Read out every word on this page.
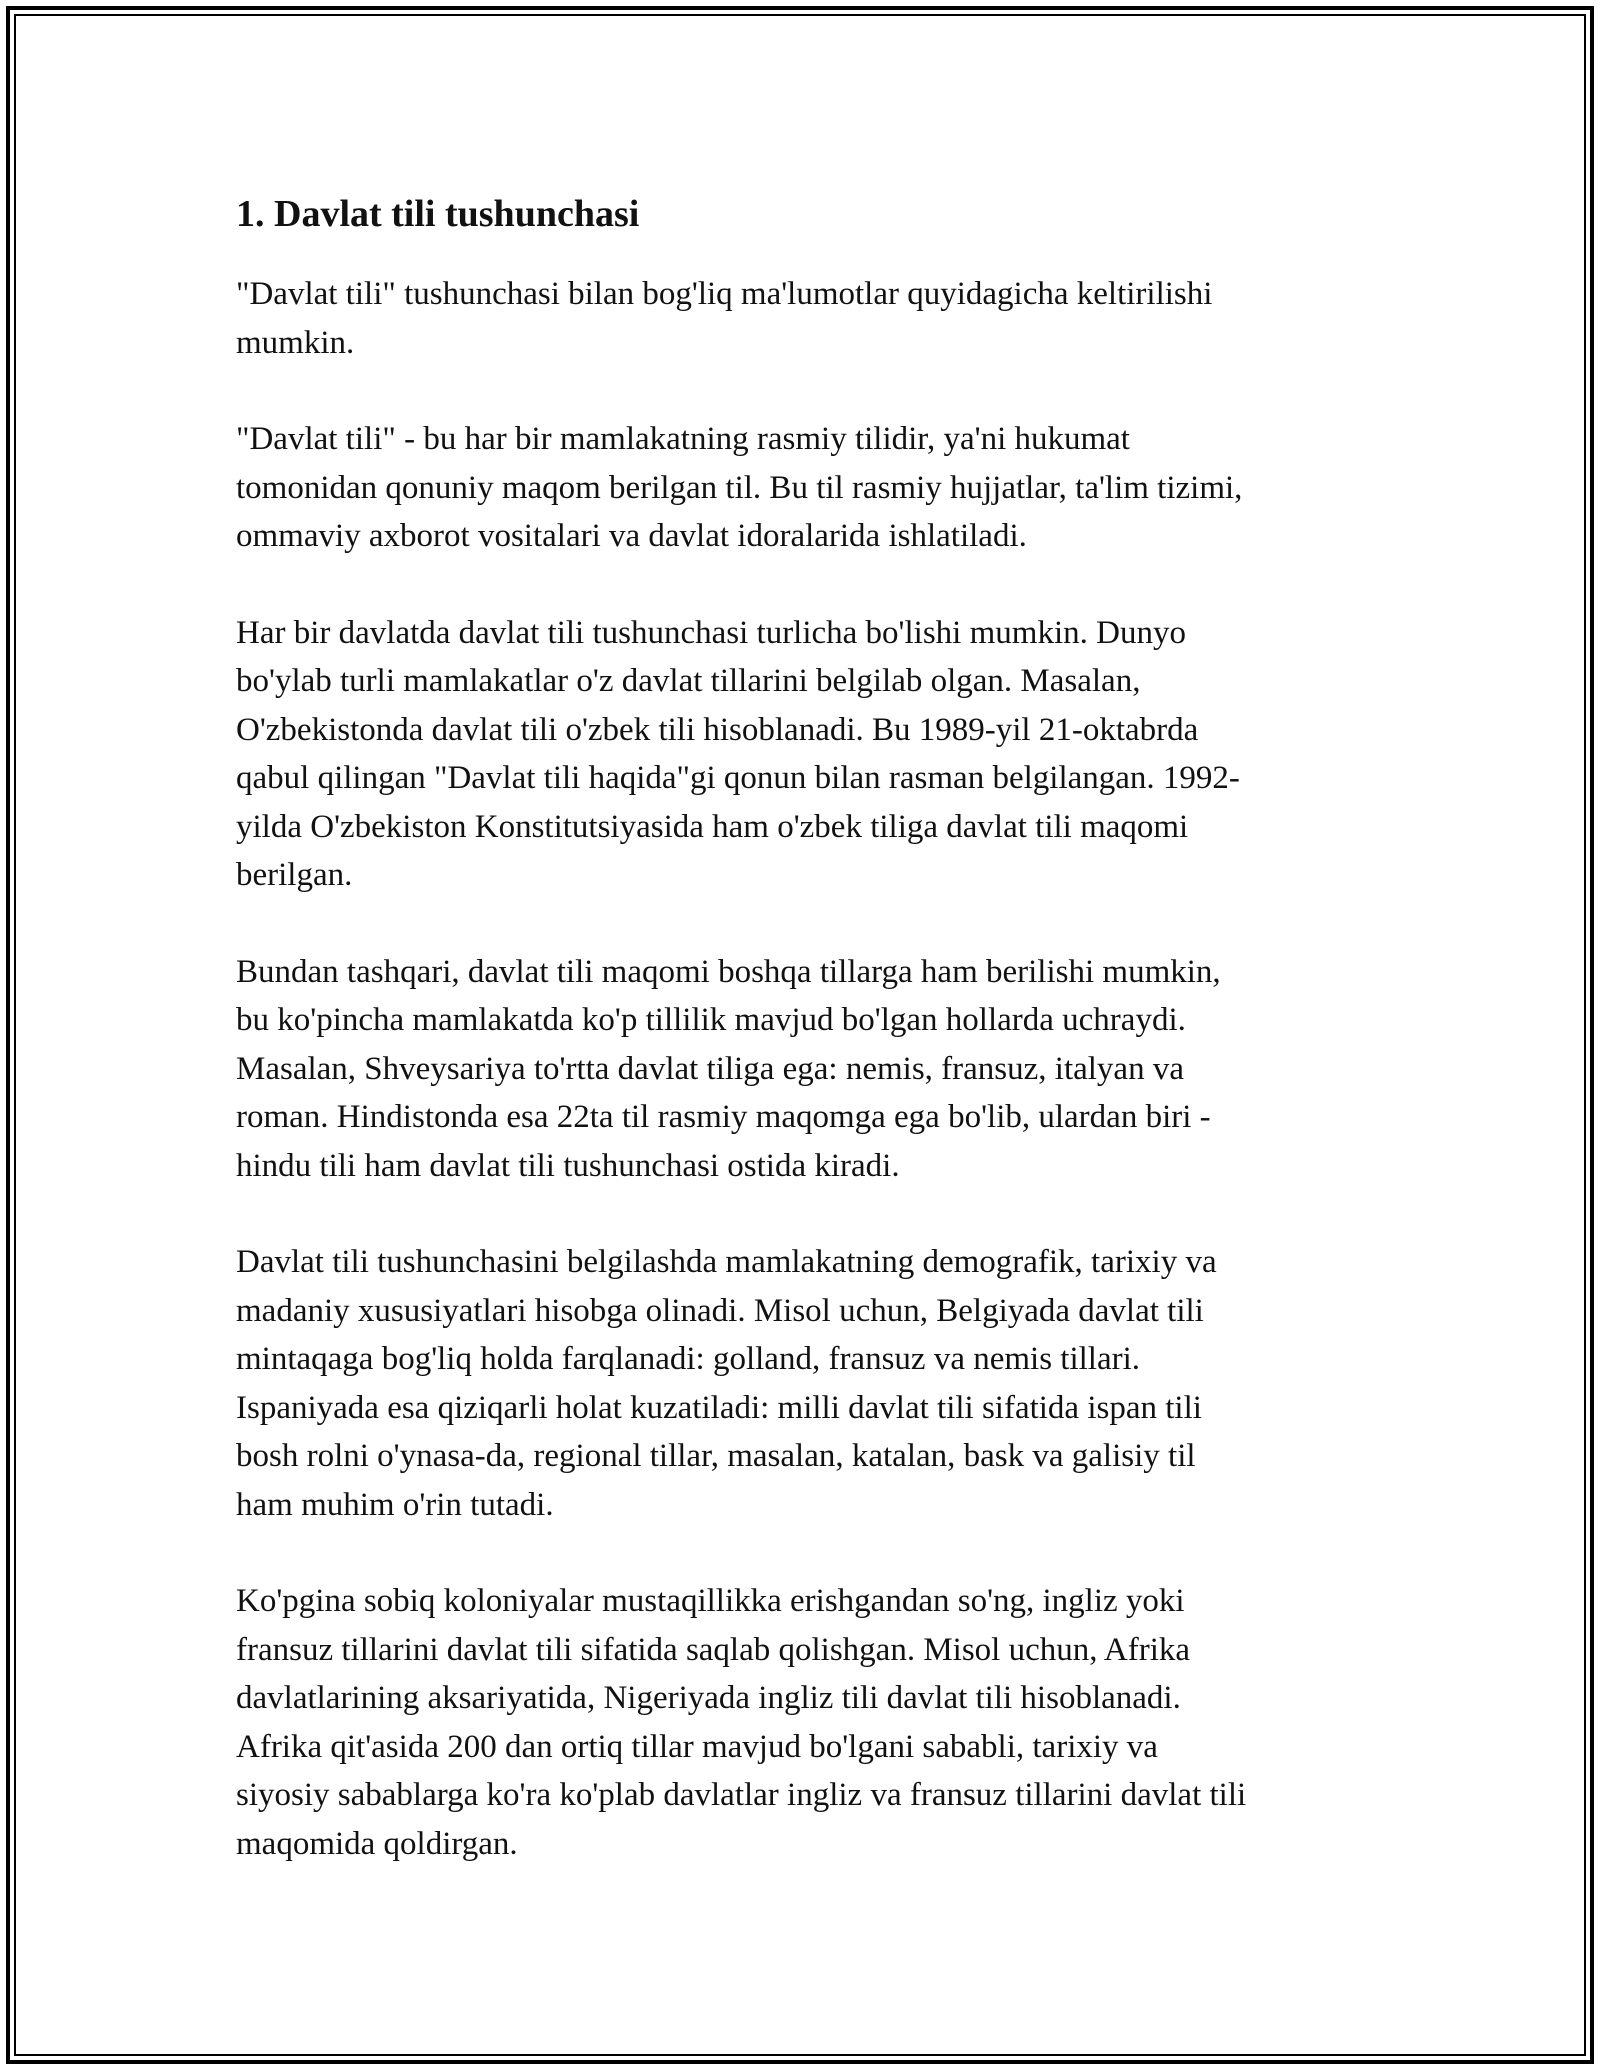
1. Davlat tili tushunchasi

"Davlat tili" tushunchasi bilan bog'liq ma'lumotlar quyidagicha keltirilishi
mumkin.

"Davlat tili" - bu har bir mamlakatning rasmiy tilidir, ya'ni hukumat
tomonidan qonuniy maqom berilgan til. Bu til rasmiy hujjatlar, ta'lim tizimi,
ommaviy axborot vositalari va davlat idoralarida ishlatiladi.

Har bir davlatda davlat tili tushunchasi turlicha bo'lishi mumkin. Dunyo
bo'ylab turli mamlakatlar o'z davlat tillarini belgilab olgan. Masalan,
O'zbekistonda davlat tili o'zbek tili hisoblanadi. Bu 1989-yil 21-oktabrda
qabul qilingan "Davlat tili haqida"gi qonun bilan rasman belgilangan. 1992-
yilda O'zbekiston Konstitutsiyasida ham o'zbek tiliga davlat tili maqomi
berilgan.

Bundan tashqari, davlat tili maqomi boshqa tillarga ham berilishi mumkin,
bu ko'pincha mamlakatda ko'p tillilik mavjud bo'lgan hollarda uchraydi.
Masalan, Shveysariya to'rtta davlat tiliga ega: nemis, fransuz, italyan va
roman. Hindistonda esa 22ta til rasmiy maqomga ega bo'lib, ulardan biri -
hindu tili ham davlat tili tushunchasi ostida kiradi.

Davlat tili tushunchasini belgilashda mamlakatning demografik, tarixiy va
madaniy xususiyatlari hisobga olinadi. Misol uchun, Belgiyada davlat tili
mintaqaga bog'liq holda farqlanadi: golland, fransuz va nemis tillari.
Ispaniyada esa qiziqarli holat kuzatiladi: milli davlat tili sifatida ispan tili
bosh rolni o'ynasa-da, regional tillar, masalan, katalan, bask va galisiy til
ham muhim o'rin tutadi.

Ko'pgina sobiq koloniyalar mustaqillikka erishgandan so'ng, ingliz yoki
fransuz tillarini davlat tili sifatida saqlab qolishgan. Misol uchun, Afrika
davlatlarining aksariyatida, Nigeriyada ingliz tili davlat tili hisoblanadi.
Afrika qit'asida 200 dan ortiq tillar mavjud bo'lgani sababli, tarixiy va
siyosiy sabablarga ko'ra ko'plab davlatlar ingliz va fransuz tillarini davlat tili
maqomida qoldirgan.
